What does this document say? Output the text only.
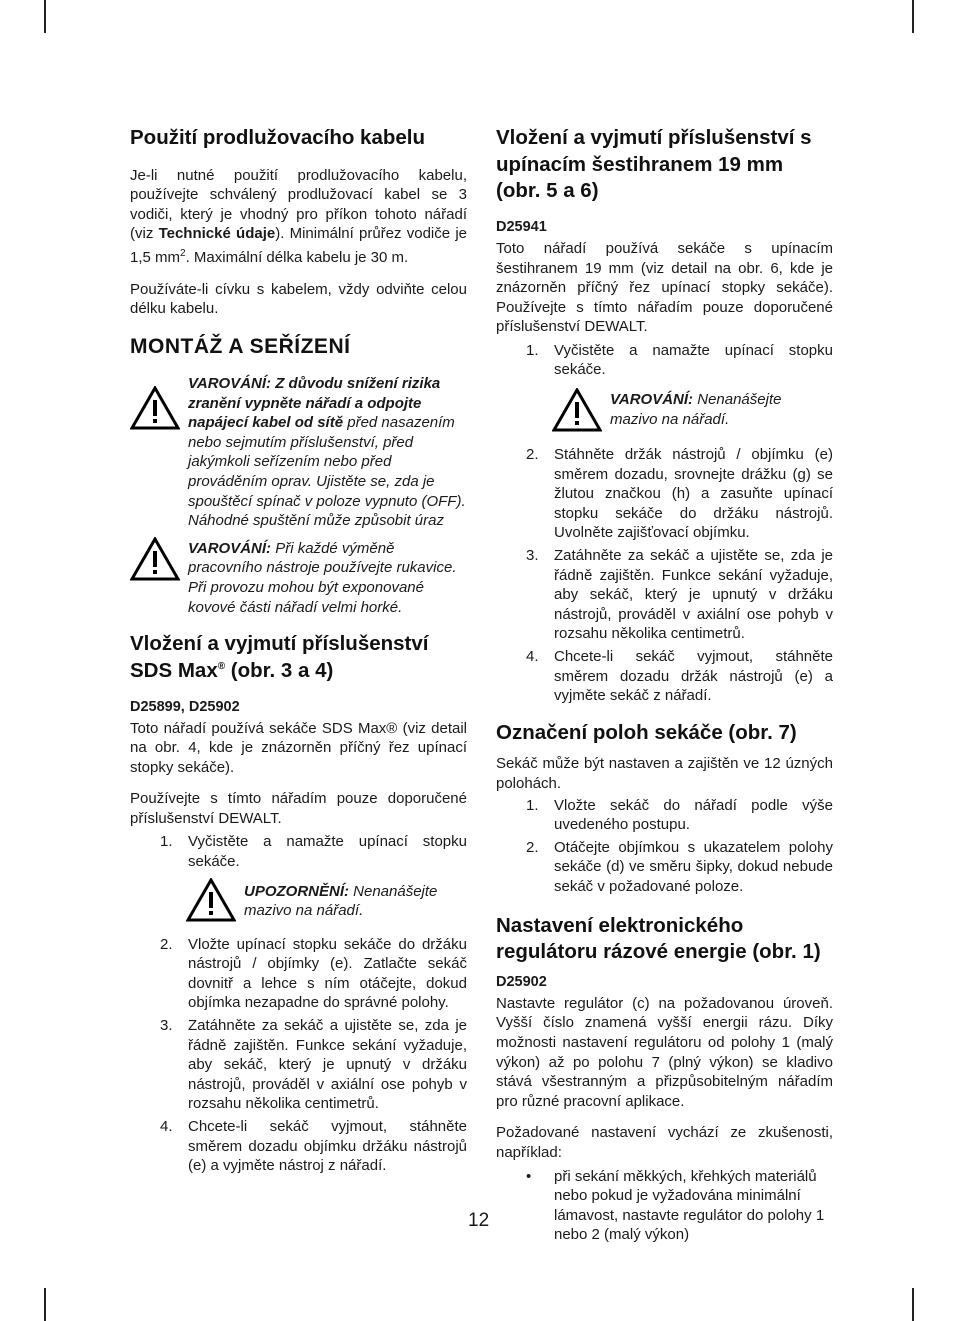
Použití prodlužovacího kabelu

Je-li nutné použití prodlužovacího kabelu, používejte schválený prodlužovací kabel se 3 vodiči, který je vhodný pro příkon tohoto nářadí (viz Technické údaje). Minimální průřez vodiče je 1,5 $mm^2$. Maximální délka kabelu je 30 m.

Používáte-li cívku s kabelem, vždy odviňte celou délku kabelu.

MONTÁŽ A SEŘÍZENÍ
VAROVÁNÍ: Z důvodu snížení rizika zranění vypněte nářadí a odpojte napájecí kabel od sítě před nasazením nebo sejmutím příslušenství, před jakýmkoli seřízením nebo před prováděním oprav. Ujistěte se, zda je spouštěcí spínač v poloze vypnuto (OFF). Náhodné spuštění může způsobit úraz
VAROVÁNÍ: Při každé výměně pracovního nástroje používejte rukavice. Při provozu mohou být exponované kovové části nářadí velmi horké.
Vložení a vyjmutí příslušenství SDS Max® (obr. 3 a 4)
D25899, D25902

Toto nářadí používá sekáče SDS Max® (viz detail na obr. 4, kde je znázorněn příčný řez upínací stopky sekáče).

Používejte s tímto nářadím pouze doporučené příslušenství DEWALT.

1. Vyčistěte a namažte upínací stopku sekáče.
UPOZORNĚNÍ: Nenanášejte mazivo na nářadí.
2. Vložte upínací stopku sekáče do držáku nástrojů / objímky (e). Zatlačte sekáč dovnitř a lehce s ním otáčejte, dokud objímka nezapadne do správné polohy.
3. Zatáhněte za sekáč a ujistěte se, zda je řádně zajištěn. Funkce sekání vyžaduje, aby sekáč, který je upnutý v držáku nástrojů, prováděl v axiální ose pohyb v rozsahu několika centimetrů.
4. Chcete-li sekáč vyjmout, stáhněte směrem dozadu objímku držáku nástrojů (e) a vyjměte nástroj z nářadí.
Vložení a vyjmutí příslušenství s upínacím šestihranem 19 mm (obr. 5 a 6)
D25941

Toto nářadí používá sekáče s upínacím šestihranem 19 mm (viz detail na obr. 6, kde je znázorněn příčný řez upínací stopky sekáče). Používejte s tímto nářadím pouze doporučené příslušenství DEWALT.

1. Vyčistěte a namažte upínací stopku sekáče.
VAROVÁNÍ: Nenanášejte mazivo na nářadí.
2. Stáhněte držák nástrojů / objímku (e) směrem dozadu, srovnejte drážku (g) se žlutou značkou (h) a zasuňte upínací stopku sekáče do držáku nástrojů. Uvolněte zajišťovací objímku.
3. Zatáhněte za sekáč a ujistěte se, zda je řádně zajištěn. Funkce sekání vyžaduje, aby sekáč, který je upnutý v držáku nástrojů, prováděl v axiální ose pohyb v rozsahu několika centimetrů.
4. Chcete-li sekáč vyjmout, stáhněte směrem dozadu držák nástrojů (e) a vyjměte sekáč z nářadí.
Označení poloh sekáče (obr. 7)

Sekáč může být nastaven a zajištěn ve 12 úzných polohách.

1. Vložte sekáč do nářadí podle výše uvedeného postupu.
2. Otáčejte objímkou s ukazatelem polohy sekáče (d) ve směru šipky, dokud nebude sekáč v požadované poloze.
Nastavení elektronického regulátoru rázové energie (obr. 1)
D25902

Nastavte regulátor (c) na požadovanou úroveň. Vyšší číslo znamená vyšší energii rázu. Díky možnosti nastavení regulátoru od polohy 1 (malý výkon) až po polohu 7 (plný výkon) se kladivo stává všestranným a přizpůsobitelným nářadím pro různé pracovní aplikace.

Požadované nastavení vychází ze zkušenosti, například:

• při sekání měkkých, křehkých materiálů nebo pokud je vyžadována minimální lámavost, nastavte regulátor do polohy 1 nebo 2 (malý výkon)
12
